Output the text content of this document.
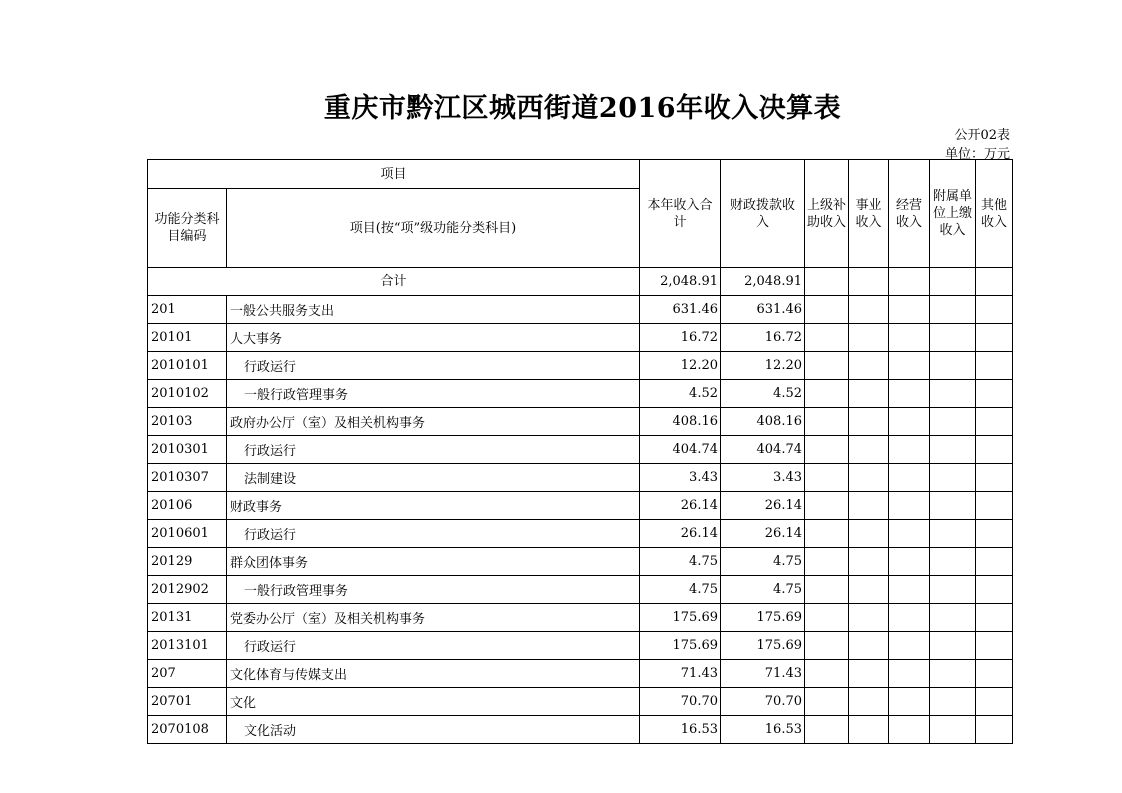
重庆市黔江区城西街道2016年收入决算表
公开02表
单位：万元
项目		本年收入合计	财政拨款收入	上级补助收入	事业收入	经营收入	附属单位上缴收入	其他收入
功能分类科目编码	项目(按“项”级功能分类科目)							
合计		2,048.91	2,048.91					
201	一般公共服务支出	631.46	631.46					
20101	人大事务	16.72	16.72					
2010101	行政运行	12.20	12.20					
2010102	一般行政管理事务	4.52	4.52					
20103	政府办公厅（室）及相关机构事务	408.16	408.16					
2010301	行政运行	404.74	404.74					
2010307	法制建设	3.43	3.43					
20106	财政事务	26.14	26.14					
2010601	行政运行	26.14	26.14					
20129	群众团体事务	4.75	4.75					
2012902	一般行政管理事务	4.75	4.75					
20131	党委办公厅（室）及相关机构事务	175.69	175.69					
2013101	行政运行	175.69	175.69					
207	文化体育与传媒支出	71.43	71.43					
20701	文化	70.70	70.70					
2070108	文化活动	16.53	16.53					
